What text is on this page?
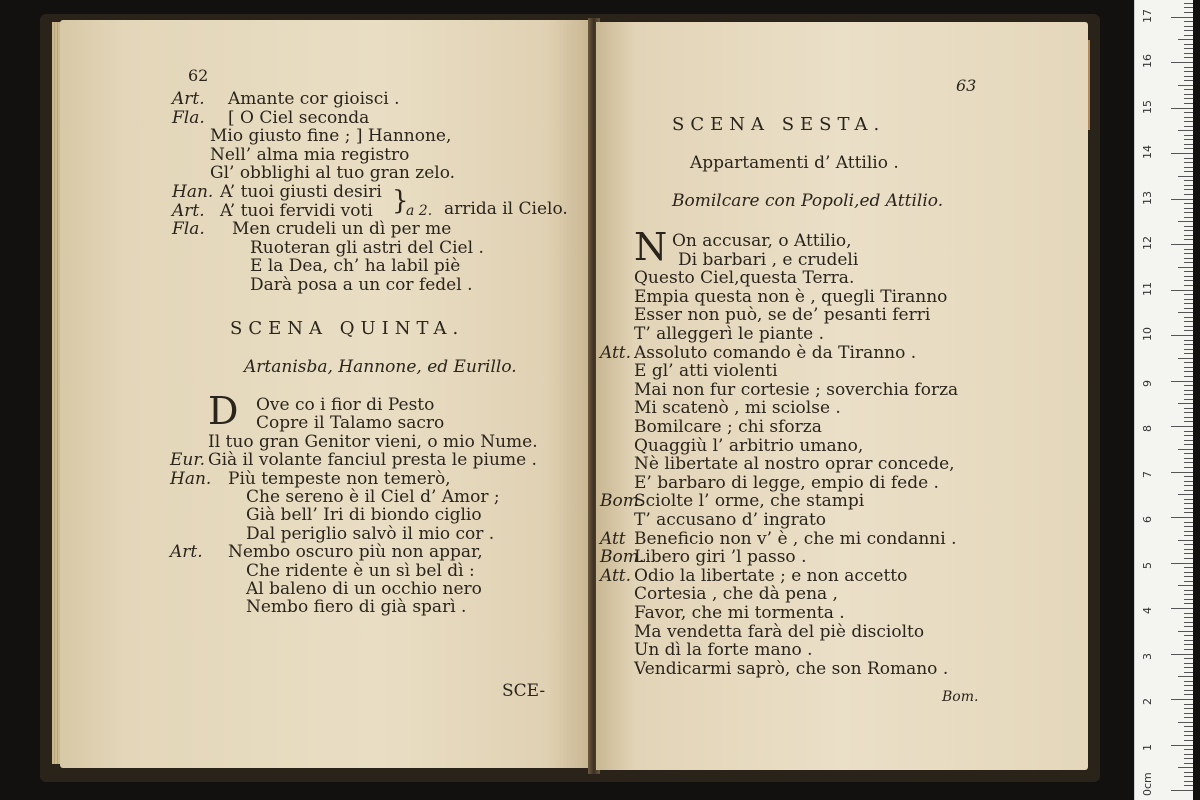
62
Art. Amante cor gioisci .
Fla. [ O Ciel seconda
Mio giusto fine ; ] Hannone,
Nell’ alma mia registro
Gl’ obblighi al tuo gran zelo.
Han. A’ tuoi giusti desiri
Art. A’ tuoi fervidi voti
Fla. Men crudeli un dì per me
Ruoteran gli astri del Ciel .
E la Dea, ch’ ha labil piè
Darà posa a un cor fedel .
}
a 2. arrida il Cielo.
SCENA QUINTA.
Artanisba, Hannone, ed Eurillo.
D Ove co i fior di Pesto
Copre il Talamo sacro
Il tuo gran Genitor vieni, o mio Nume.
Eur. Già il volante fanciul presta le piume .
Han. Più tempeste non temerò,
Che sereno è il Ciel d’ Amor ;
Già bell’ Iri di biondo ciglio
Dal periglio salvò il mio cor .
Art. Nembo oscuro più non appar,
Che ridente è un sì bel dì :
Al baleno di un occhio nero
Nembo fiero di già sparì .
SCE-
63
SCENA SESTA.
Appartamenti d’ Attilio .
Bomilcare con Popoli,ed Attilio.
N On accusar, o Attilio,
Di barbari , e crudeli
Questo Ciel,questa Terra.
Empia questa non è , quegli Tiranno
Esser non può, se de’ pesanti ferri
T’ alleggerì le piante .
Att. Assoluto comando è da Tiranno .
E gl’ atti violenti
Mai non fur cortesie ; soverchia forza
Mi scatenò , mi sciolse .
Bomilcare ; chi sforza
Quaggiù l’ arbitrio umano,
Nè libertate al nostro oprar concede,
E’ barbaro di legge, empio di fede .
Bom.
Sciolte l’ orme, che stampi
T’ accusano d’ ingrato
Att Beneficio non v’ è , che mi condanni .
Bom.
Libero giri ’l passo .
Att. Odio la libertate ; e non accetto
Cortesia , che dà pena ,
Favor, che mi tormenta .
Ma vendetta farà del piè disciolto
Un dì la forte mano .
Vendicarmi saprò, che son Romano .
Bom.
0cm
1
2
3
4
5
6
7
8
9
10
11
12
13
14
15
16
17
